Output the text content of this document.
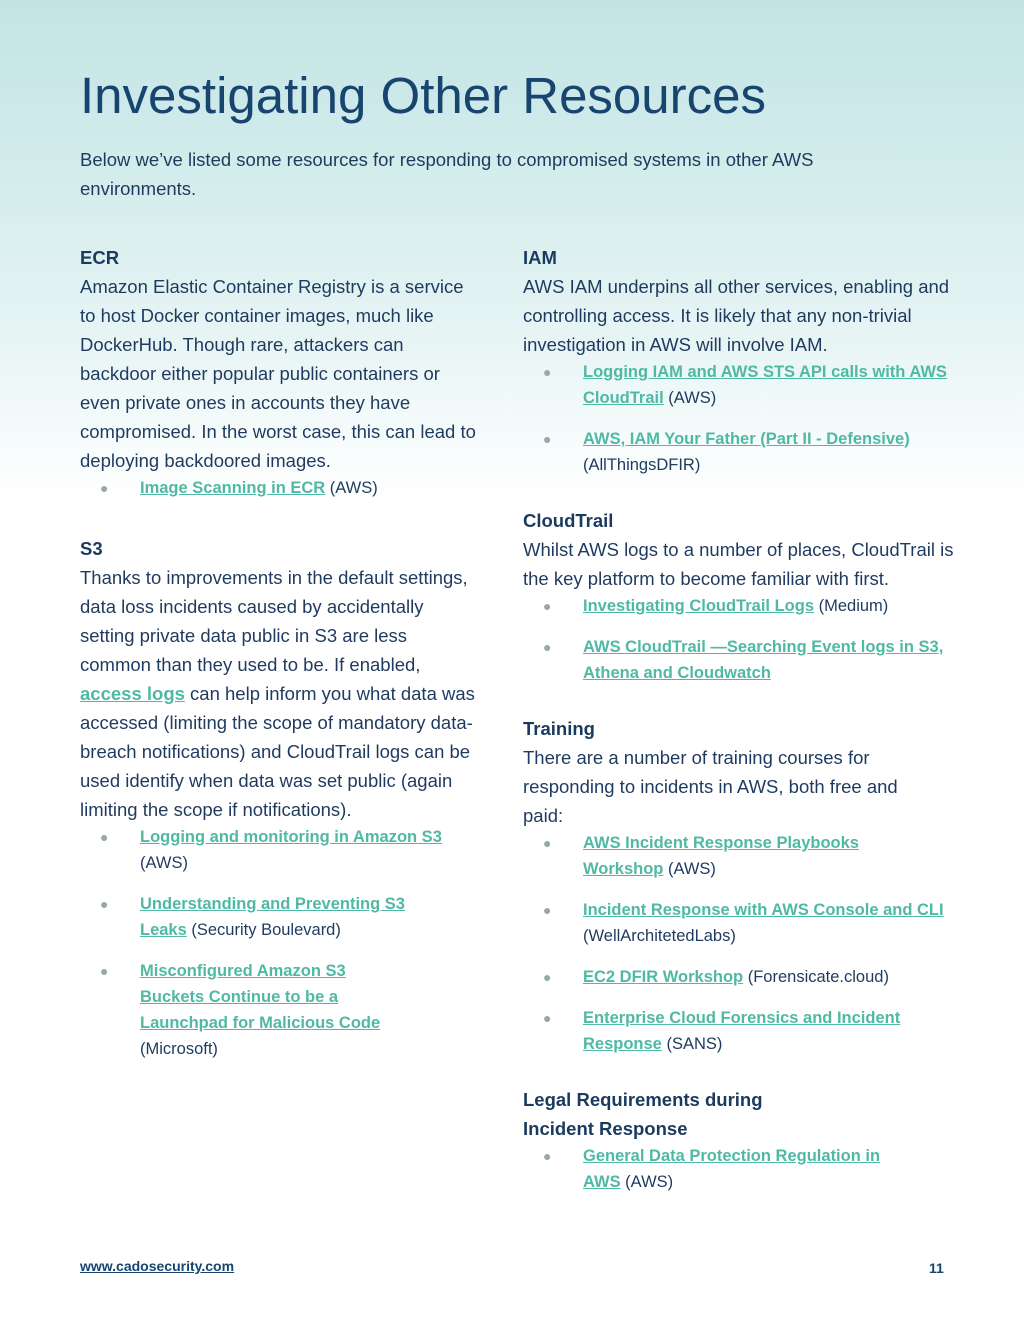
Investigating Other Resources

Below we’ve listed some resources for responding to compromised systems in other AWS environments.

ECR
Amazon Elastic Container Registry is a service to host Docker container images, much like DockerHub. Though rare, attackers can backdoor either popular public containers or even private ones in accounts they have compromised. In the worst case, this can lead to deploying backdoored images.
● Image Scanning in ECR (AWS)
S3
Thanks to improvements in the default settings, data loss incidents caused by accidentally setting private data public in S3 are less common than they used to be. If enabled, access logs can help inform you what data was accessed (limiting the scope of mandatory data-breach notifications) and CloudTrail logs can be used identify when data was set public (again limiting the scope if notifications).
● Logging and monitoring in Amazon S3
(AWS)
● Understanding and Preventing S3 Leaks (Security Boulevard)
● Misconfigured Amazon S3 Buckets Continue to be a Launchpad for Malicious Code (Microsoft)
IAM
AWS IAM underpins all other services, enabling and controlling access. It is likely that any non-trivial investigation in AWS will involve IAM.
● Logging IAM and AWS STS API calls with AWS CloudTrail (AWS)
● AWS, IAM Your Father (Part II - Defensive)
(AllThingsDFIR)
CloudTrail
Whilst AWS logs to a number of places, CloudTrail is the key platform to become familiar with first.
● Investigating CloudTrail Logs (Medium)
● AWS CloudTrail —Searching Event logs in S3, Athena and Cloudwatch
Training
There are a number of training courses for responding to incidents in AWS, both free and paid:
● AWS Incident Response Playbooks Workshop (AWS)
● Incident Response with AWS Console and CLI (WellArchitetedLabs)
● EC2 DFIR Workshop (Forensicate.cloud)
● Enterprise Cloud Forensics and Incident Response (SANS)
Legal Requirements during Incident Response
● General Data Protection Regulation in AWS (AWS)
www.cadosecurity.com	11
